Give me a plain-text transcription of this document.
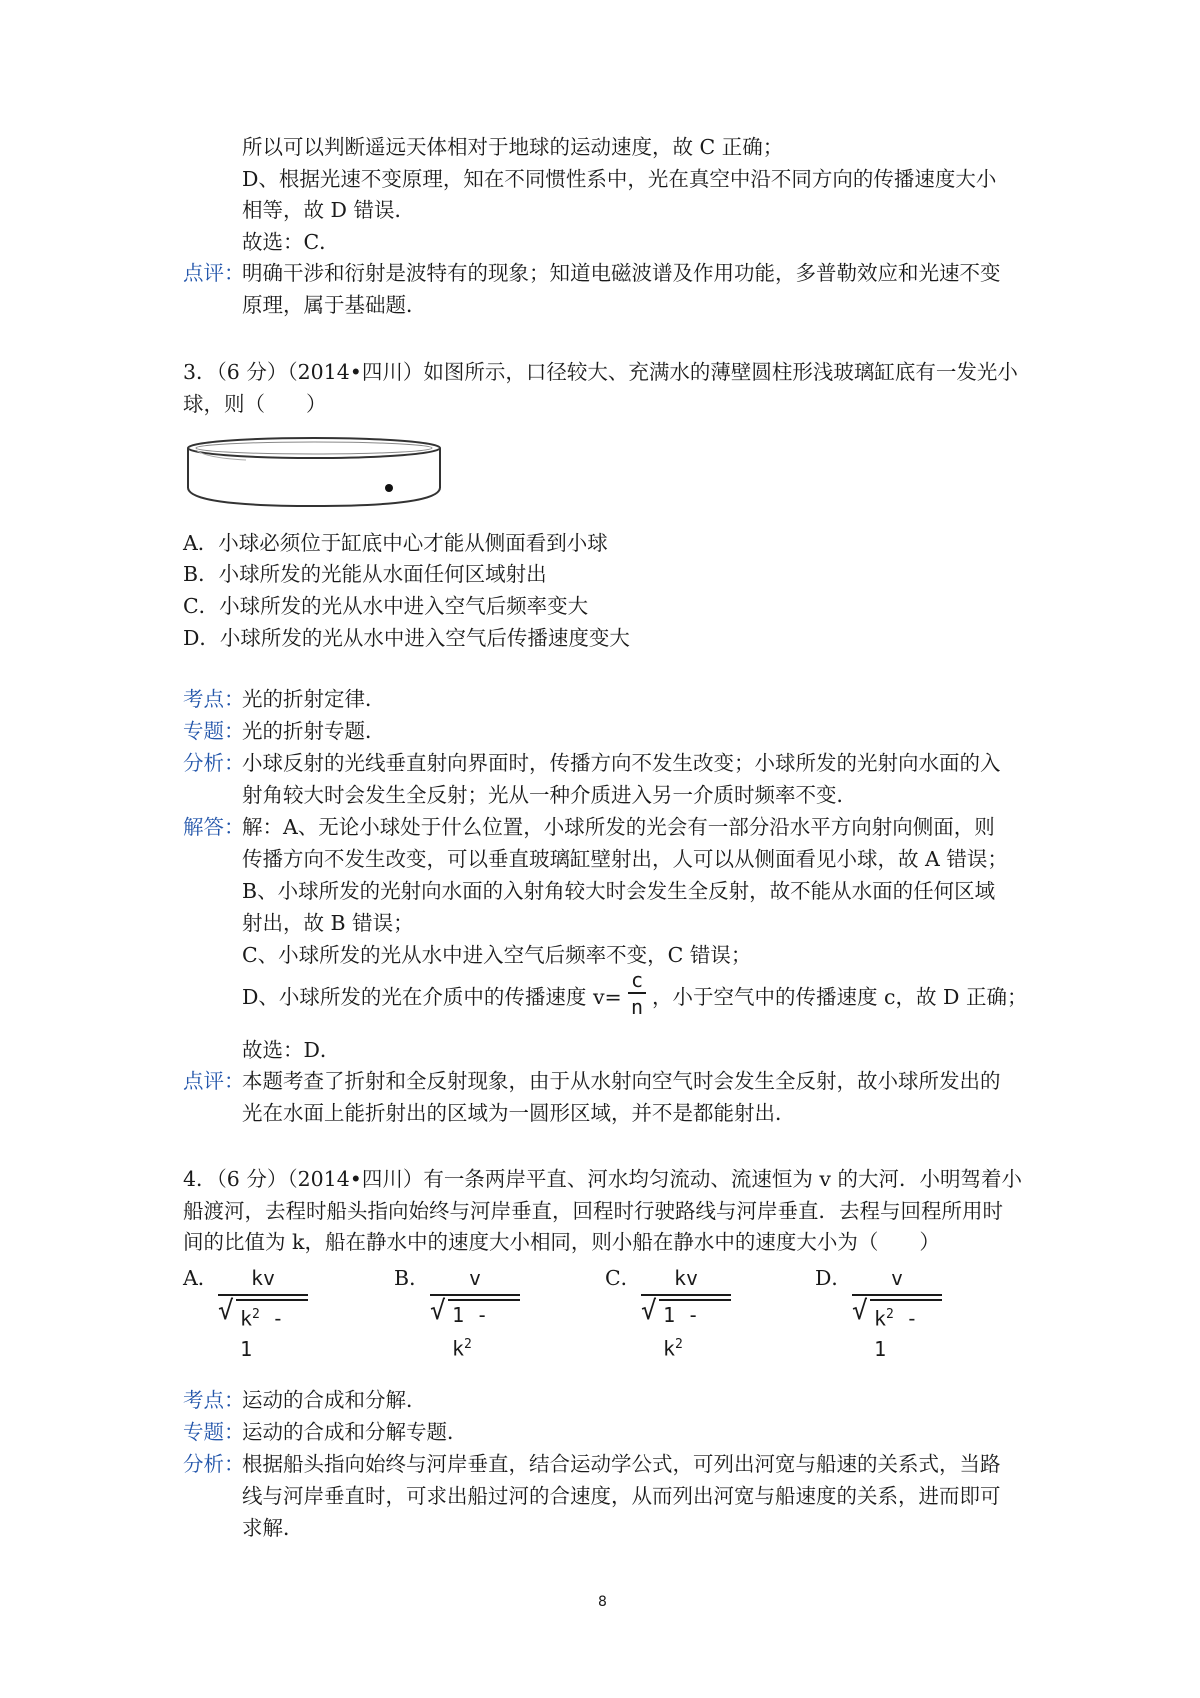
所以可以判断遥远天体相对于地球的运动速度，故 C 正确；
D、根据光速不变原理，知在不同惯性系中，光在真空中沿不同方向的传播速度大小
相等，故 D 错误．
故选：C．
点评：
明确干涉和衍射是波特有的现象；知道电磁波谱及作用功能，多普勒效应和光速不变
原理，属于基础题．
3．（6 分）（2014•四川）如图所示，口径较大、充满水的薄壁圆柱形浅玻璃缸底有一发光小
球，则（　　）
A．小球必须位于缸底中心才能从侧面看到小球
B．小球所发的光能从水面任何区域射出
C．小球所发的光从水中进入空气后频率变大
D．小球所发的光从水中进入空气后传播速度变大
考点：
光的折射定律．
专题：
光的折射专题．
分析：
小球反射的光线垂直射向界面时，传播方向不发生改变；小球所发的光射向水面的入
射角较大时会发生全反射；光从一种介质进入另一介质时频率不变．
解答：
解：A、无论小球处于什么位置，小球所发的光会有一部分沿水平方向射向侧面，则
传播方向不发生改变，可以垂直玻璃缸壁射出，人可以从侧面看见小球，故 A 错误；
B、小球所发的光射向水面的入射角较大时会发生全反射，故不能从水面的任何区域
射出，故 B 错误；
C、小球所发的光从水中进入空气后频率不变，C 错误；
D、小球所发的光在介质中的传播速度 v=
c
n ，小于空气中的传播速度 c，故 D 正确；
故选：D．
点评：
本题考查了折射和全反射现象，由于从水射向空气时会发生全反射，故小球所发出的
光在水面上能折射出的区域为一圆形区域，并不是都能射出．
4．（6 分）（2014•四川）有一条两岸平直、河水均匀流动、流速恒为 v 的大河．小明驾着小
船渡河，去程时船头指向始终与河岸垂直，回程时行驶路线与河岸垂直．去程与回程所用时
间的比值为 k，船在静水中的速度大小相同，则小船在静水中的速度大小为（　　）
A．	kv
√ $k^2 - 1$
B．	v
√ $1 - k^2$
C．	kv
√ $1 - k^2$
D．	v
√ $k^2 - 1$
考点：
运动的合成和分解．
专题：
运动的合成和分解专题．
分析：
根据船头指向始终与河岸垂直，结合运动学公式，可列出河宽与船速的关系式，当路
线与河岸垂直时，可求出船过河的合速度，从而列出河宽与船速度的关系，进而即可
求解．
8
